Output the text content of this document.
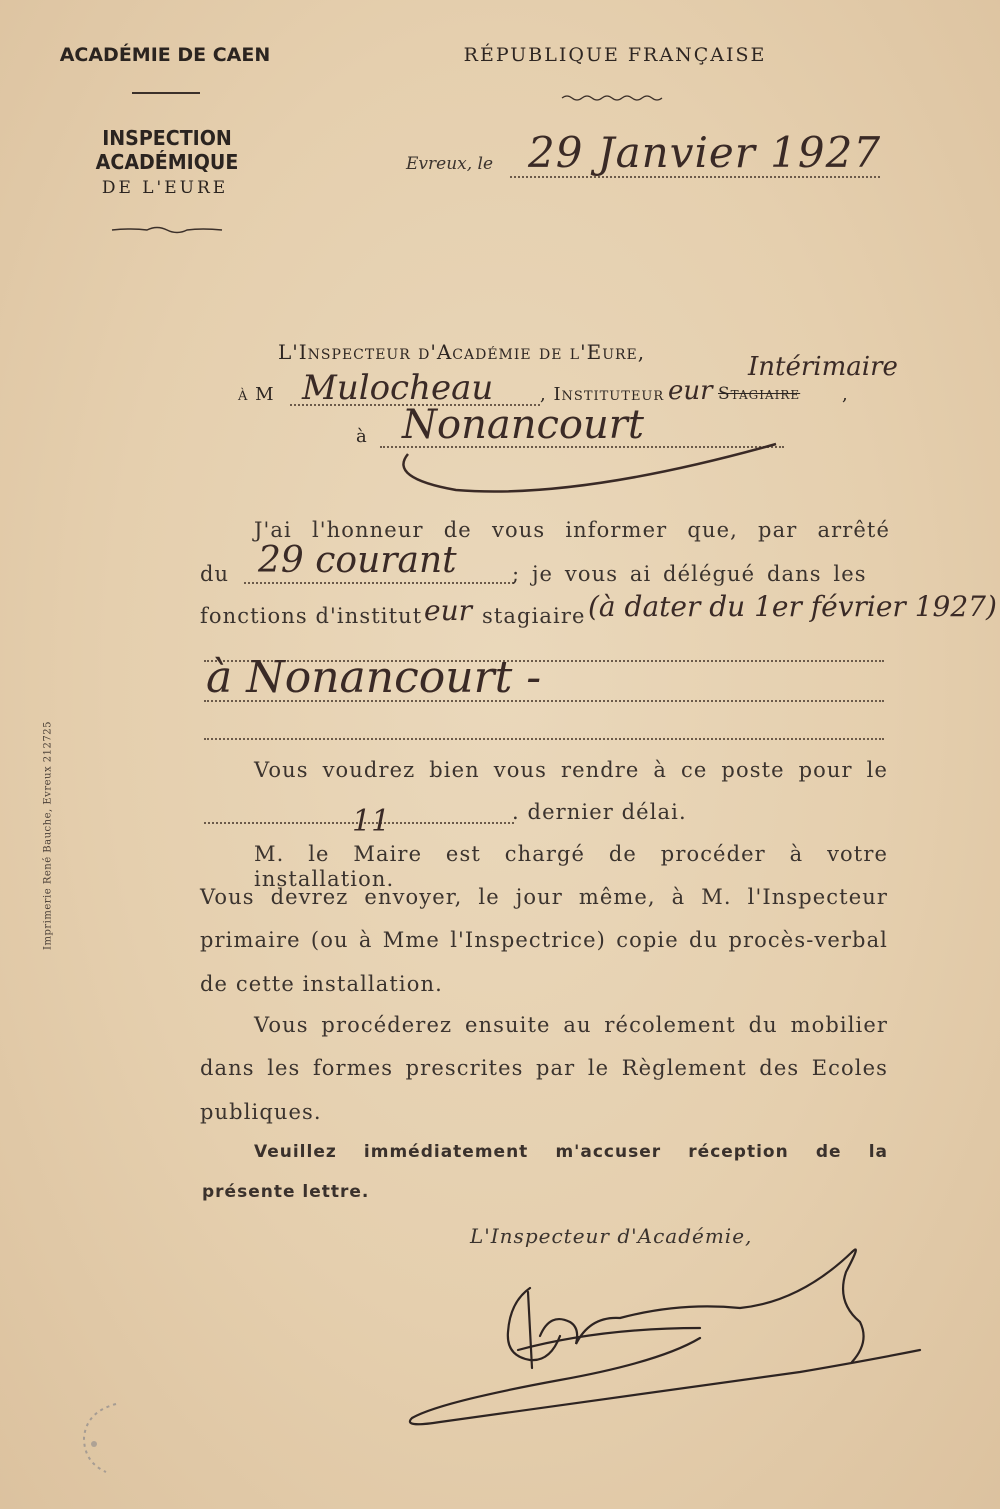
ACADÉMIE DE CAEN
INSPECTION ACADÉMIQUE
DE L'EURE
RÉPUBLIQUE FRANÇAISE
Evreux, le 29 Janvier 1927
L'Inspecteur d'Académie de l'Eure,	Intérimaire
à M Mulocheau	, Instituteur eur Stagiaire ,
à Nonancourt
J'ai l'honneur de vous informer que, par arrêté
du 29 courant	; je vous ai délégué dans les
fonctions d'institut eur stagiaire (à dater du 1er février 1927)
à Nonancourt -
Vous voudrez bien vous rendre à ce poste pour le
11	. dernier délai.
M. le Maire est chargé de procéder à votre installation.
Vous devrez envoyer, le jour même, à M. l'Inspecteur
primaire (ou à Mme l'Inspectrice) copie du procès-verbal
de cette installation.
Vous procéderez ensuite au récolement du mobilier
dans les formes prescrites par le Règlement des Ecoles
publiques.
Veuillez immédiatement m'accuser réception de la
présente lettre.
L'Inspecteur d'Académie,
Imprimerie René Bauche, Evreux 212725
